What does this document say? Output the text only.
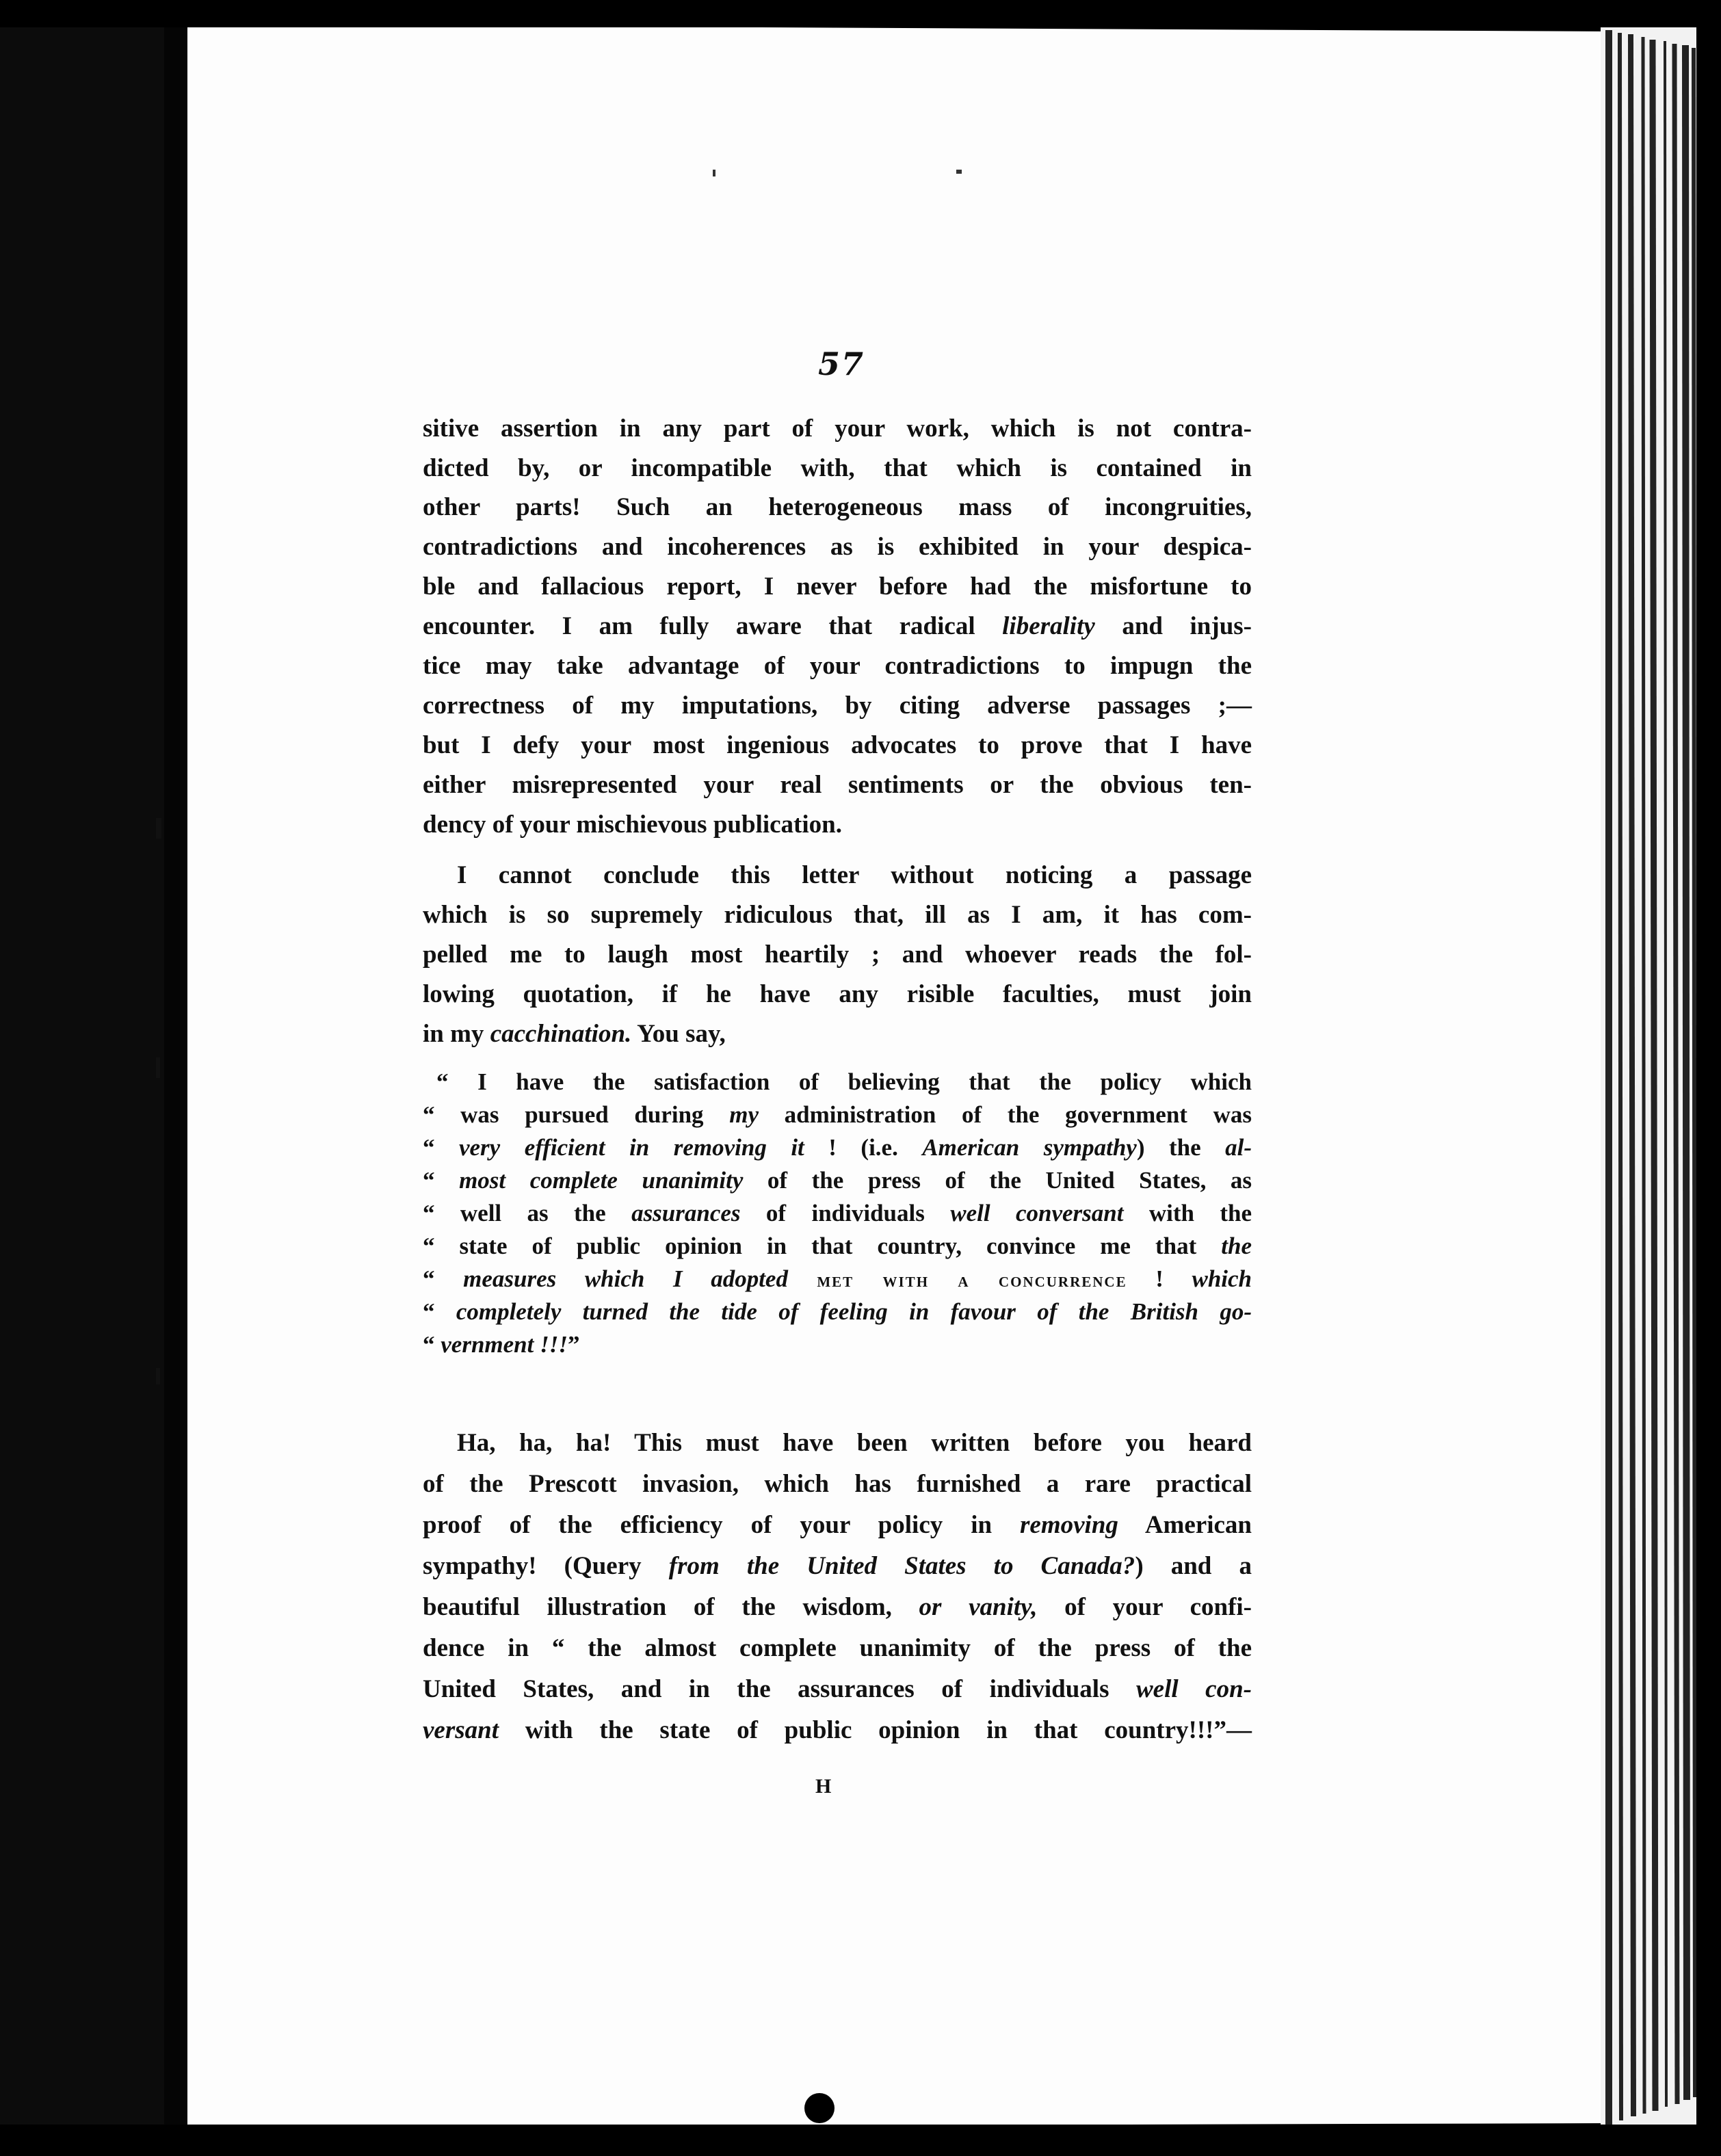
57
sitive assertion in any part of your work, which is not contra-
dicted by, or incompatible with, that which is contained in
other parts! Such an heterogeneous mass of incongruities,
contradictions and incoherences as is exhibited in your despica-
ble and fallacious report, I never before had the misfortune to
encounter. I am fully aware that radical liberality and injus-
tice may take advantage of your contradictions to impugn the
correctness of my imputations, by citing adverse passages ;—
but I defy your most ingenious advocates to prove that I have
either misrepresented your real sentiments or the obvious ten-
dency of your mischievous publication.
I cannot conclude this letter without noticing a passage
which is so supremely ridiculous that, ill as I am, it has com-
pelled me to laugh most heartily ; and whoever reads the fol-
lowing quotation, if he have any risible faculties, must join
in my cacchination. You say,
“ I have the satisfaction of believing that the policy which
“ was pursued during my administration of the government was
“ very efficient in removing it ! (i.e. American sympathy) the al-
“ most complete unanimity of the press of the United States, as
“ well as the assurances of individuals well conversant with the
“ state of public opinion in that country, convince me that the
“ measures which I adopted met with a concurrence ! which
“ completely turned the tide of feeling in favour of the British go-
“ vernment !!!”
Ha, ha, ha! This must have been written before you heard
of the Prescott invasion, which has furnished a rare practical
proof of the efficiency of your policy in removing American
sympathy! (Query from the United States to Canada?) and a
beautiful illustration of the wisdom, or vanity, of your confi-
dence in “ the almost complete unanimity of the press of the
United States, and in the assurances of individuals well con-
versant with the state of public opinion in that country!!!”—
H
